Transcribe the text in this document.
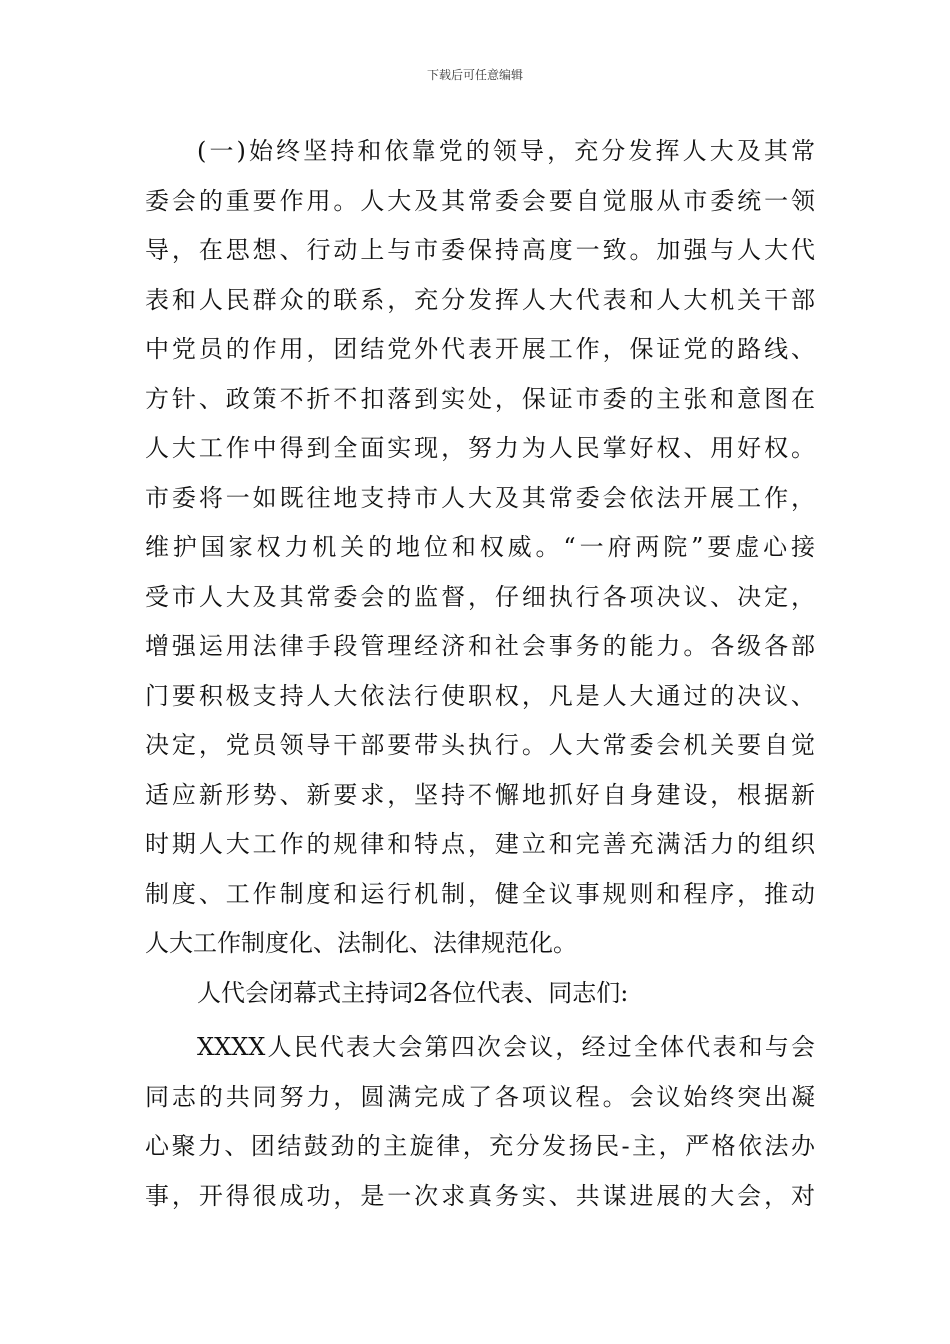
下载后可任意编辑
(一)始终坚持和依靠党的领导，充分发挥人大及其常
委会的重要作用。人大及其常委会要自觉服从市委统一领
导，在思想、行动上与市委保持高度一致。加强与人大代
表和人民群众的联系，充分发挥人大代表和人大机关干部
中党员的作用，团结党外代表开展工作，保证党的路线、
方针、政策不折不扣落到实处，保证市委的主张和意图在
人大工作中得到全面实现，努力为人民掌好权、用好权。
市委将一如既往地支持市人大及其常委会依法开展工作，
维护国家权力机关的地位和权威。“一府两院”要虚心接
受市人大及其常委会的监督，仔细执行各项决议、决定，
增强运用法律手段管理经济和社会事务的能力。各级各部
门要积极支持人大依法行使职权，凡是人大通过的决议、
决定，党员领导干部要带头执行。人大常委会机关要自觉
适应新形势、新要求，坚持不懈地抓好自身建设，根据新
时期人大工作的规律和特点，建立和完善充满活力的组织
制度、工作制度和运行机制，健全议事规则和程序，推动
人大工作制度化、法制化、法律规范化。
人代会闭幕式主持词2各位代表、同志们:
XXXX人民代表大会第四次会议，经过全体代表和与会
同志的共同努力，圆满完成了各项议程。会议始终突出凝
心聚力、团结鼓劲的主旋律，充分发扬民-主，严格依法办
事，开得很成功，是一次求真务实、共谋进展的大会，对
